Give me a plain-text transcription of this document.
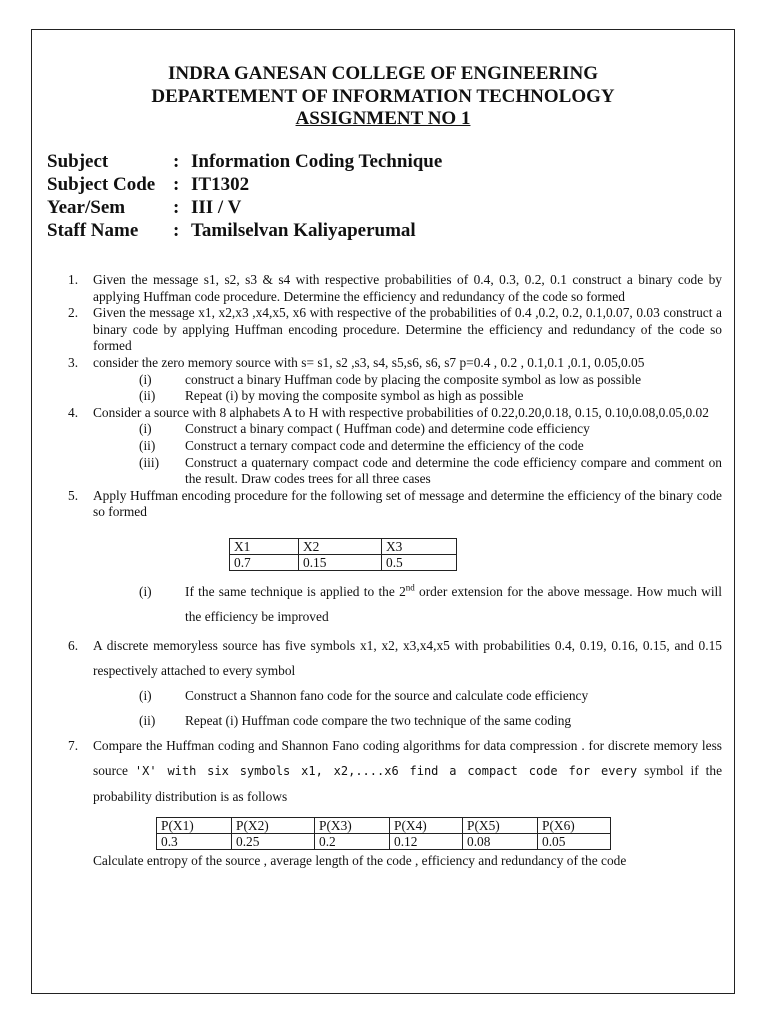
INDRA GANESAN COLLEGE OF ENGINEERING
DEPARTEMENT OF INFORMATION TECHNOLOGY
ASSIGNMENT NO 1
Subject	: Information Coding Technique
Subject Code : IT1302
Year/Sem	: III / V
Staff Name	: Tamilselvan Kaliyaperumal
1. Given the message s1, s2, s3 & s4 with respective probabilities of 0.4, 0.3, 0.2, 0.1 construct a binary code by applying Huffman code procedure. Determine the efficiency and redundancy of the code so formed
2. Given the message x1, x2,x3 ,x4,x5, x6 with respective of the probabilities of 0.4 ,0.2, 0.2, 0.1,0.07, 0.03 construct a binary code by applying Huffman encoding procedure. Determine the efficiency and redundancy of the code so formed
3. consider the zero memory source with s= s1, s2 ,s3, s4, s5,s6, s6, s7 p=0.4 , 0.2 , 0.1,0.1 ,0.1, 0.05,0.05
(i) construct a binary Huffman code by placing the composite symbol as low as possible
(ii) Repeat (i) by moving the composite symbol as high as possible
4. Consider a source with 8 alphabets A to H with respective probabilities of 0.22,0.20,0.18, 0.15, 0.10,0.08,0.05,0.02
(i) Construct a binary compact ( Huffman code) and determine code efficiency
(ii) Construct a ternary compact code and determine the efficiency of the code
(iii) Construct a quaternary compact code and determine the code efficiency compare and comment on the result. Draw codes trees for all three cases
5. Apply Huffman encoding procedure for the following set of message and determine the efficiency of the binary code so formed
X1	X2	X3
0.7	0.15	0.5
(i) If the same technique is applied to the 2nd order extension for the above message. How much will the efficiency be improved
6. A discrete memoryless source has five symbols x1, x2, x3,x4,x5 with probabilities 0.4, 0.19, 0.16, 0.15, and 0.15 respectively attached to every symbol
(i) Construct a Shannon fano code for the source and calculate code efficiency
(ii) Repeat (i) Huffman code compare the two technique of the same coding
7. Compare the Huffman coding and Shannon Fano coding algorithms for data compression . for discrete memory less source 'X' with six symbols x1, x2,....x6 find a compact code for every symbol if the probability distribution is as follows
P(X1)	P(X2)	P(X3)	P(X4)	P(X5)	P(X6)
0.3	0.25	0.2	0.12	0.08	0.05
Calculate entropy of the source , average length of the code , efficiency and redundancy of the code
